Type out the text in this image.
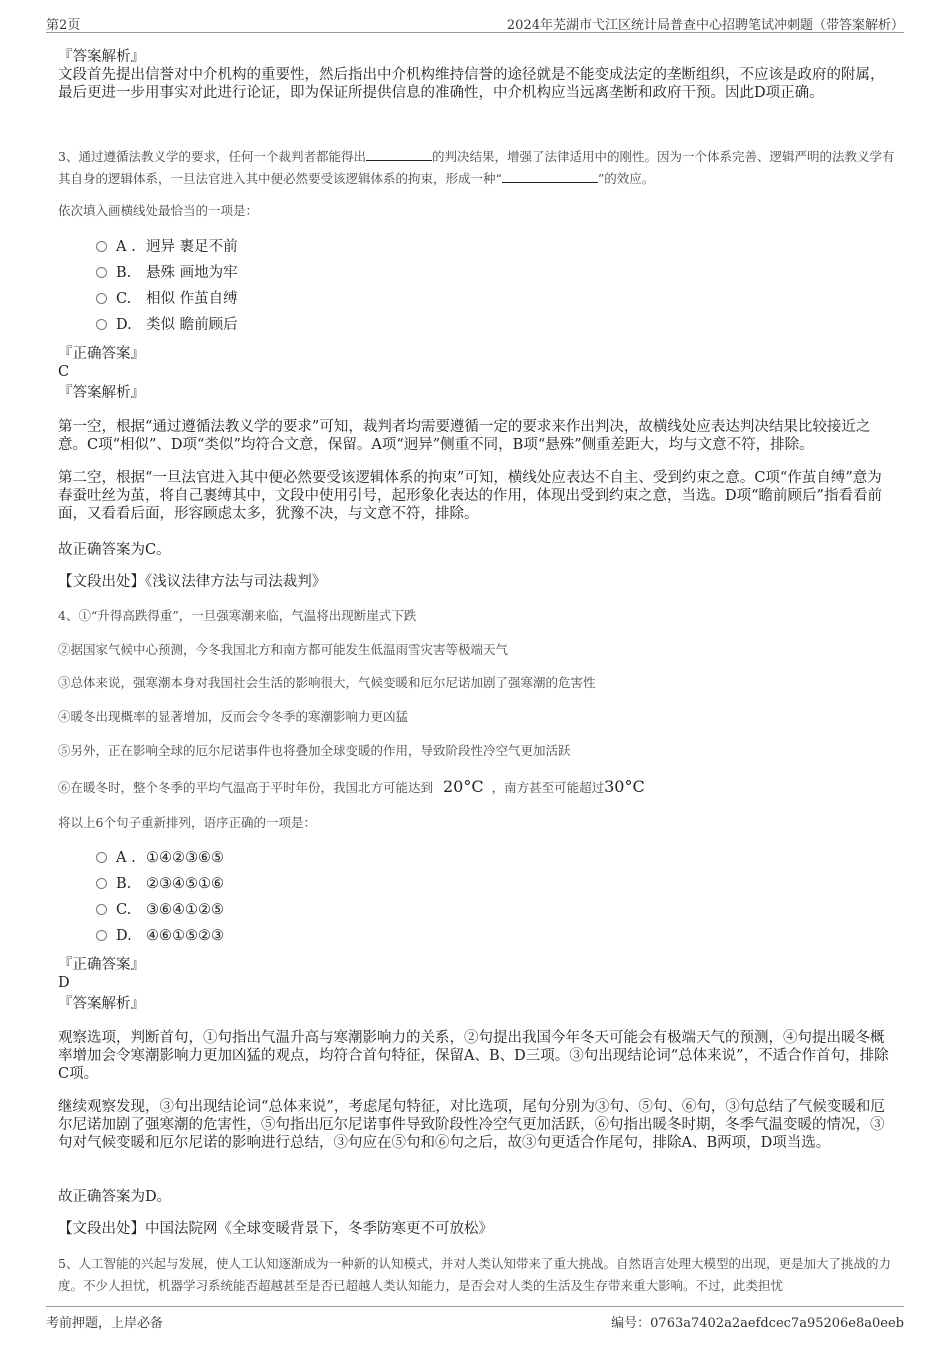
第2页	2024年芜湖市弋江区统计局普查中心招聘笔试冲刺题（带答案解析）
『答案解析』
文段首先提出信誉对中介机构的重要性，然后指出中介机构维持信誉的途径就是不能变成法定的垄断组织，不应该是政府的附属，最后更进一步用事实对此进行论证，即为保证所提供信息的准确性，中介机构应当远离垄断和政府干预。因此D项正确。
3、通过遵循法教义学的要求，任何一个裁判者都能得出	的判决结果，增强了法律适用中的刚性。因为一个体系完善、逻辑严明的法教义学有其自身的逻辑体系，一旦法官进入其中便必然要受该逻辑体系的拘束，形成一种“	”的效应。
依次填入画横线处最恰当的一项是：
A . 迥异 裹足不前
B. 悬殊 画地为牢
C. 相似 作茧自缚
D. 类似 瞻前顾后
『正确答案』
C
『答案解析』
第一空，根据“通过遵循法教义学的要求”可知，裁判者均需要遵循一定的要求来作出判决，故横线处应表达判决结果比较接近之意。C项“相似”、D项“类似”均符合文意，保留。A项“迥异”侧重不同，B项“悬殊”侧重差距大，均与文意不符，排除。
第二空，根据“一旦法官进入其中便必然要受该逻辑体系的拘束”可知，横线处应表达不自主、受到约束之意。C项“作茧自缚”意为春蚕吐丝为茧，将自己裹缚其中，文段中使用引号，起形象化表达的作用，体现出受到约束之意，当选。D项“瞻前顾后”指看看前面，又看看后面，形容顾虑太多，犹豫不决，与文意不符，排除。
故正确答案为C。
【文段出处】《浅议法律方法与司法裁判》
4、①“升得高跌得重”，一旦强寒潮来临，气温将出现断崖式下跌
②据国家气候中心预测，今冬我国北方和南方都可能发生低温雨雪灾害等极端天气
③总体来说，强寒潮本身对我国社会生活的影响很大，气候变暖和厄尔尼诺加剧了强寒潮的危害性
④暖冬出现概率的显著增加，反而会令冬季的寒潮影响力更凶猛
⑤另外，正在影响全球的厄尔尼诺事件也将叠加全球变暖的作用，导致阶段性冷空气更加活跃
⑥在暖冬时，整个冬季的平均气温高于平时年份，我国北方可能达到 20°C ，南方甚至可能超过30°C
将以上6个句子重新排列，语序正确的一项是：
A . ①④②③⑥⑤
B. ②③④⑤①⑥
C. ③⑥④①②⑤
D. ④⑥①⑤②③
『正确答案』
D
『答案解析』
观察选项，判断首句，①句指出气温升高与寒潮影响力的关系，②句提出我国今年冬天可能会有极端天气的预测，④句提出暖冬概率增加会令寒潮影响力更加凶猛的观点，均符合首句特征，保留A、B、D三项。③句出现结论词“总体来说”，不适合作首句，排除C项。
继续观察发现，③句出现结论词“总体来说”，考虑尾句特征，对比选项，尾句分别为③句、⑤句、⑥句，③句总结了气候变暖和厄尔尼诺加剧了强寒潮的危害性，⑤句指出厄尔尼诺事件导致阶段性冷空气更加活跃，⑥句指出暖冬时期，冬季气温变暖的情况，③句对气候变暖和厄尔尼诺的影响进行总结，③句应在⑤句和⑥句之后，故③句更适合作尾句，排除A、B两项，D项当选。
故正确答案为D。
【文段出处】中国法院网《全球变暖背景下，冬季防寒更不可放松》
5、人工智能的兴起与发展，使人工认知逐渐成为一种新的认知模式，并对人类认知带来了重大挑战。自然语言处理大模型的出现，更是加大了挑战的力度。不少人担忧，机器学习系统能否超越甚至是否已超越人类认知能力，是否会对人类的生活及生存带来重大影响。不过，此类担忧
考前押题，上岸必备	编号：0763a7402a2aefdcec7a95206e8a0eeb
